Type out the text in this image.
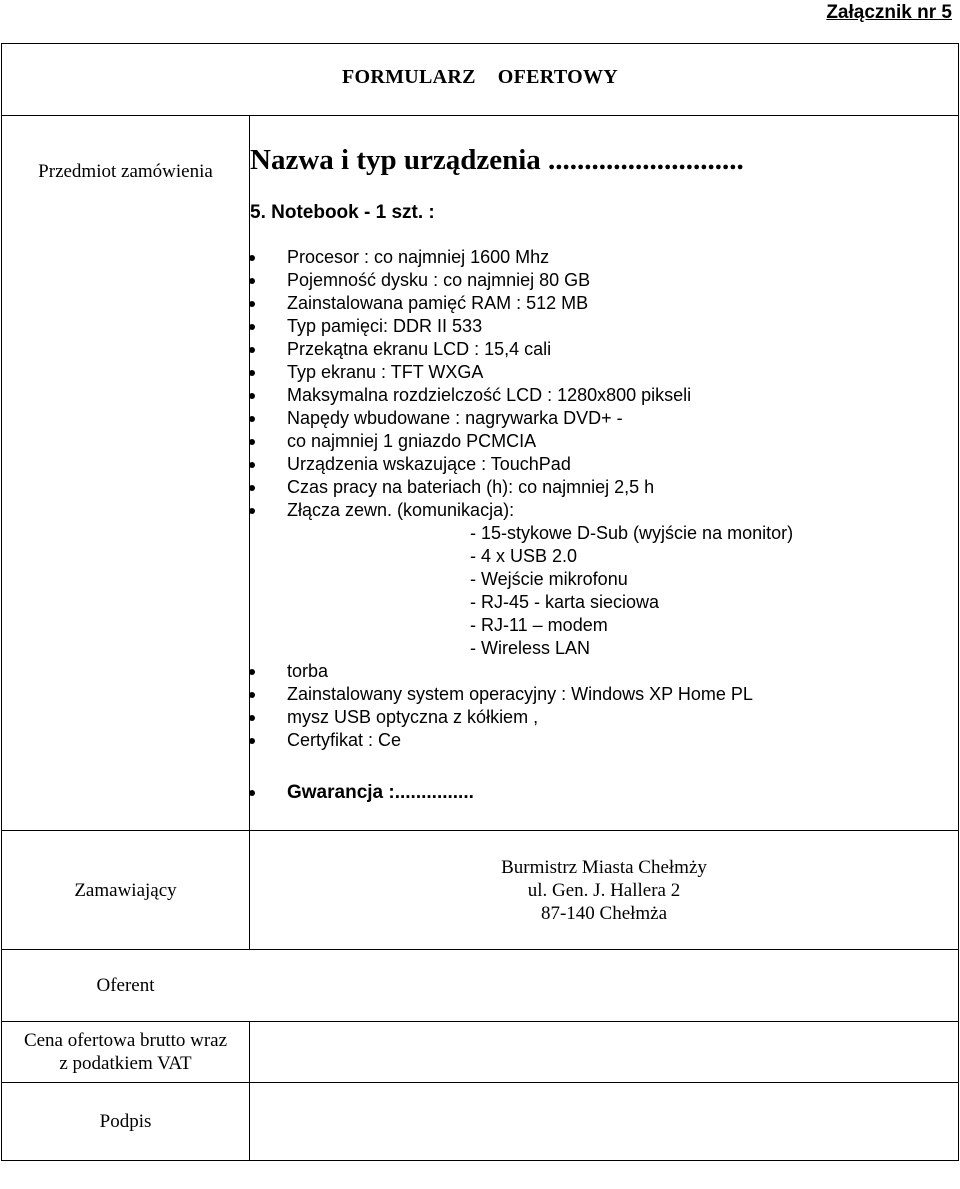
Załącznik nr 5
FORMULARZ OFERTOWY
Przedmiot zamówienia	Nazwa i typ urządzenia ...........................
5. Notebook - 1 szt. :
Procesor : co najmniej 1600 Mhz
Pojemność dysku : co najmniej 80 GB
Zainstalowana pamięć RAM : 512 MB
Typ pamięci: DDR II 533
Przekątna ekranu LCD : 15,4 cali
Typ ekranu : TFT WXGA
Maksymalna rozdzielczość LCD : 1280x800 pikseli
Napędy wbudowane : nagrywarka DVD+ -
co najmniej 1 gniazdo PCMCIA
Urządzenia wskazujące : TouchPad
Czas pracy na bateriach (h): co najmniej 2,5 h
Złącza zewn. (komunikacja):
- 15-stykowe D-Sub (wyjście na monitor)
- 4 x USB 2.0
- Wejście mikrofonu
- RJ-45 - karta sieciowa
- RJ-11 – modem
- Wireless LAN
torba
Zainstalowany system operacyjny : Windows XP Home PL
mysz USB optyczna z kółkiem ,
Certyfikat : Ce
Gwarancja :...............
Zamawiający
Burmistrz Miasta Chełmży
ul. Gen. J. Hallera 2
87-140 Chełmża
Oferent
Cena ofertowa brutto wraz
z podatkiem VAT
Podpis
